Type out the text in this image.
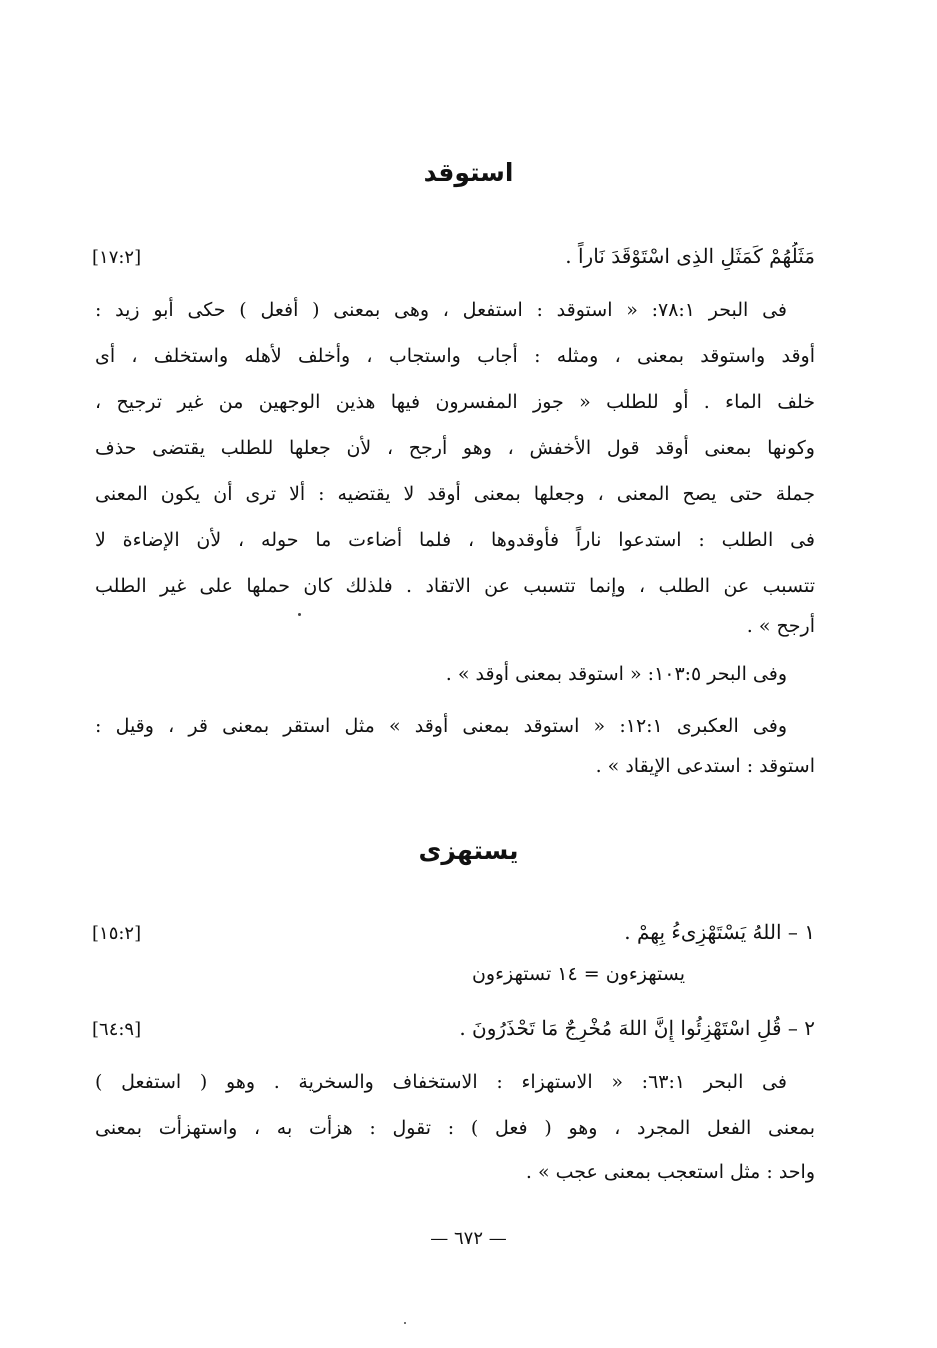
استوقد
مَثَلُهُمْ كَمَثَلِ الذِى اسْتَوْقَدَ نَاراً .
[١٧:٢]
فى البحر ٧٨:١: « استوقد : استفعل ، وهى بمعنى ( أفعل ) حكى أبو زيد :
أوقد واستوقد بمعنى ، ومثله : أجاب واستجاب ، وأخلف لأهله واستخلف ، أى
خلف الماء . أو للطلب « جوز المفسرون فيها هذين الوجهين من غير ترجيح ،
وكونها بمعنى أوقد قول الأخفش ، وهو أرجح ، لأن جعلها للطلب يقتضى حذف
جملة حتى يصح المعنى ، وجعلها بمعنى أوقد لا يقتضيه : ألا ترى أن يكون المعنى
فى الطلب : استدعوا ناراً فأوقدوها ، فلما أضاءت ما حوله ، لأن الإضاءة لا
تتسبب عن الطلب ، وإنما تتسبب عن الاتقاد . فلذلك كان حملها على غير الطلب
أرجح » .
وفى البحر ١٠٣:٥: « استوقد بمعنى أوقد » .
وفى العكبرى ١٢:١: « استوقد بمعنى أوقد » مثل استقر بمعنى قر ، وقيل :
استوقد : استدعى الإيقاد » .
يستهزى
١ – اللهُ يَسْتَهْزِىءُ بِهِمْ .
[١٥:٢]
يستهزءون = ١٤ تستهزءون
٢ – قُلِ اسْتَهْزِئُوا إِنَّ اللهَ مُخْرِجٌ مَا تَحْذَرُونَ .
[٦٤:٩]
فى البحر ٦٣:١: « الاستهزاء : الاستخفاف والسخرية . وهو ( استفعل )
بمعنى الفعل المجرد ، وهو ( فعل ) : تقول : هزأت به ، واستهزأت بمعنى
واحد : مثل استعجب بمعنى عجب » .
— ٦٧٢ —
